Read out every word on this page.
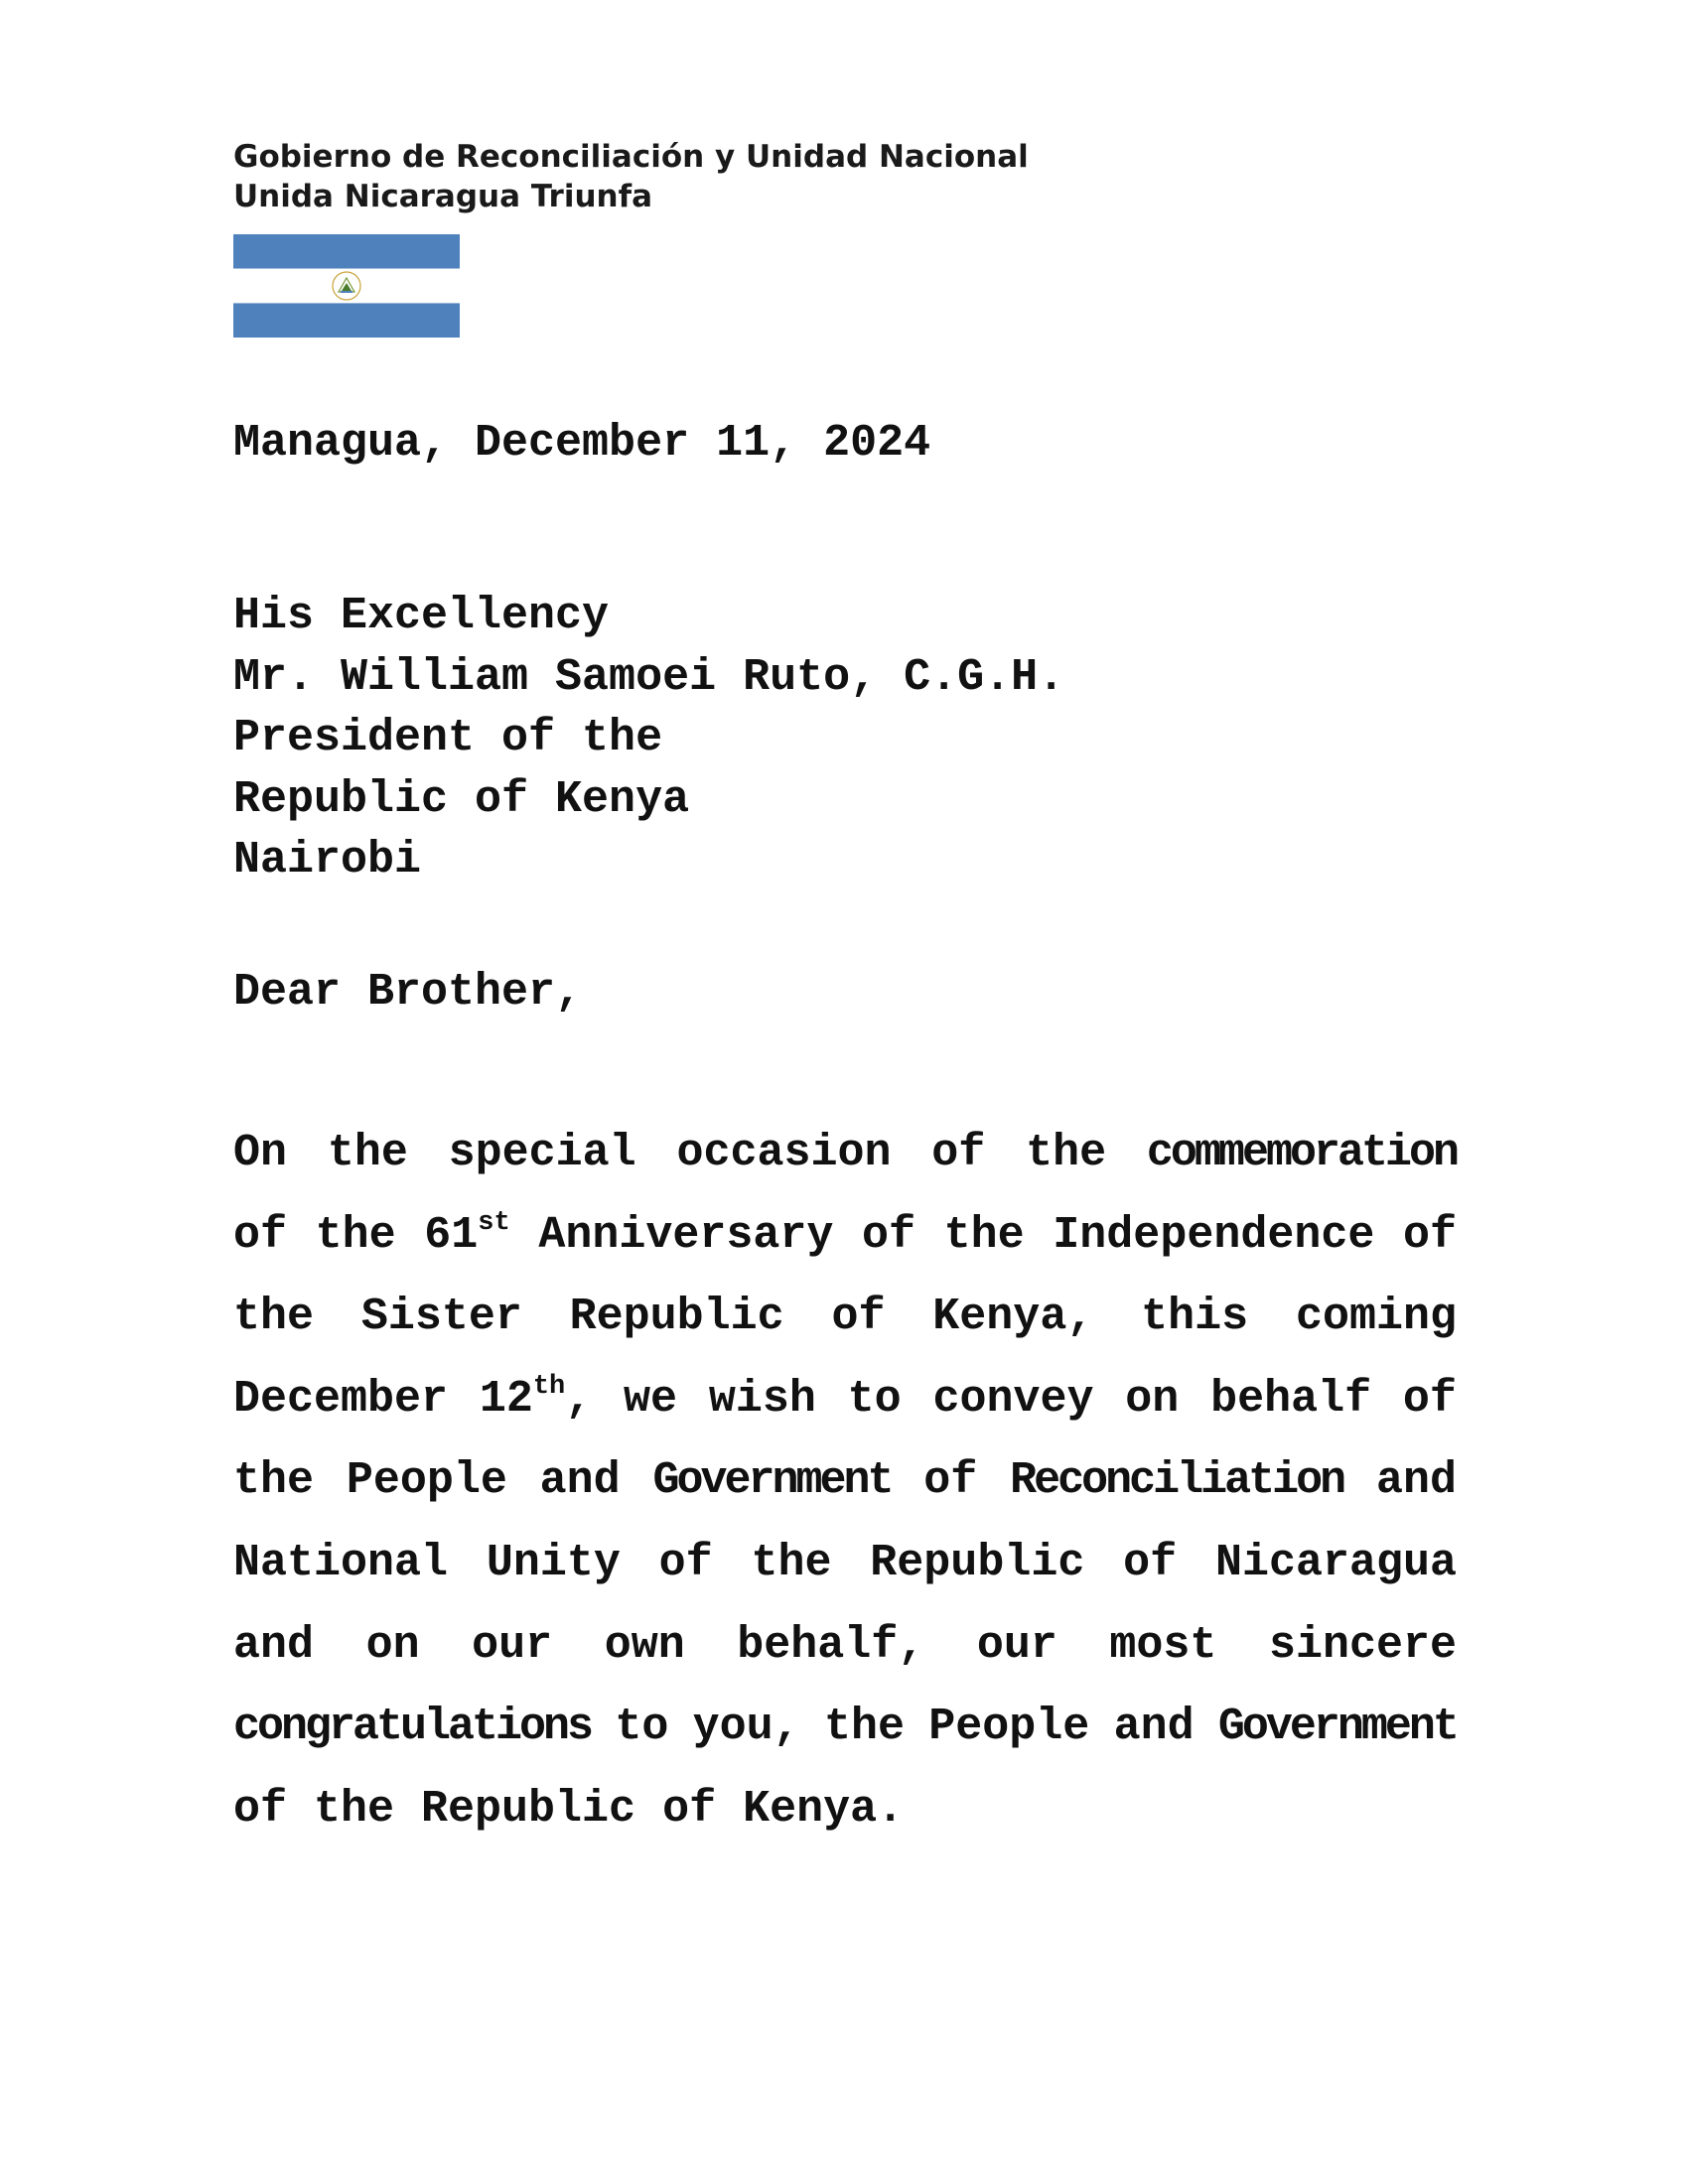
Gobierno de Reconciliación y Unidad Nacional
Unida Nicaragua Triunfa
Managua, December 11, 2024
His Excellency
Mr. William Samoei Ruto, C.G.H.
President of the
Republic of Kenya
Nairobi
Dear Brother,
On the special occasion of the commemoration
of the 61st Anniversary of the Independence of
the Sister Republic of Kenya, this coming
December 12th, we wish to convey on behalf of
the People and Government of Reconciliation and
National Unity of the Republic of Nicaragua
and on our own behalf, our most sincere
congratulations to you, the People and Government
of the Republic of Kenya.
